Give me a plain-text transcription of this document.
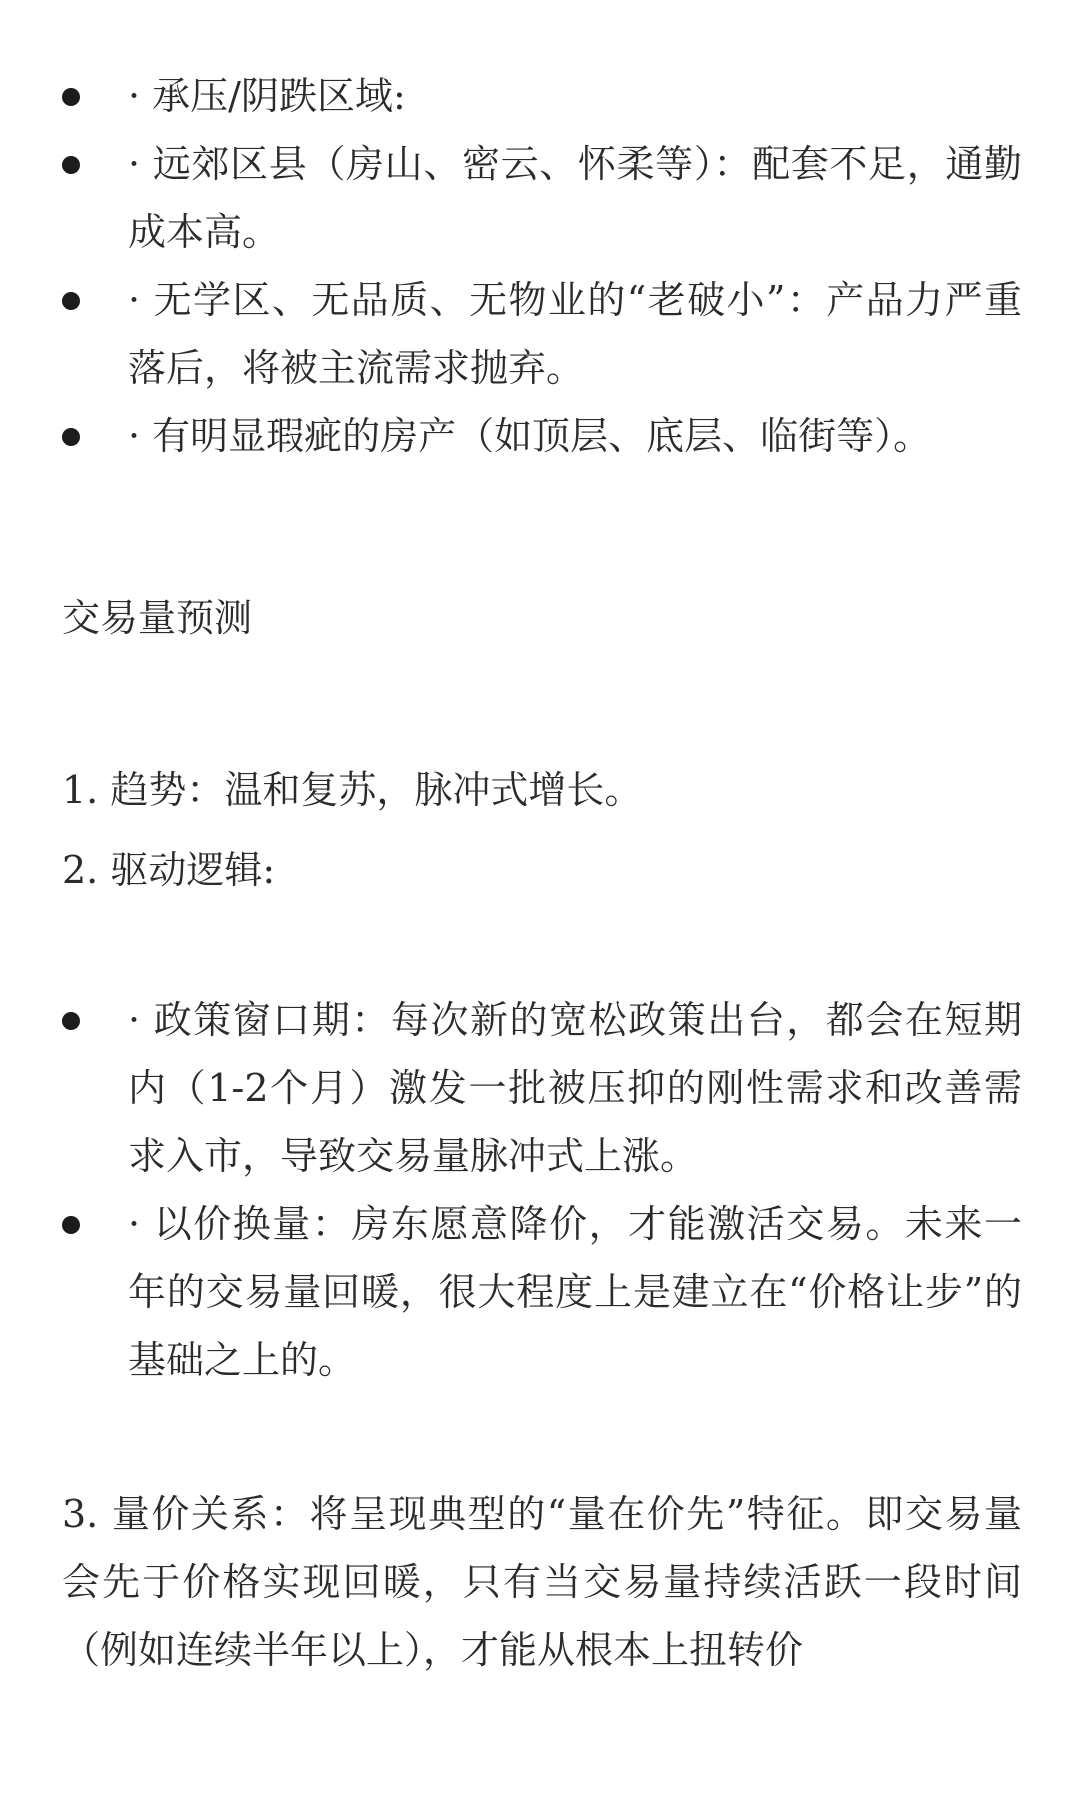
· 承压/阴跌区域:
· 远郊区县（房山、密云、怀柔等）：配套不足，通勤成本高。
· 无学区、无品质、无物业的“老破小”：产品力严重落后，将被主流需求抛弃。
· 有明显瑕疵的房产（如顶层、底层、临街等）。

交易量预测

1. 趋势：温和复苏，脉冲式增长。

2. 驱动逻辑:

· 政策窗口期：每次新的宽松政策出台，都会在短期内（1-2个月）激发一批被压抑的刚性需求和改善需求入市，导致交易量脉冲式上涨。
· 以价换量：房东愿意降价，才能激活交易。未来一年的交易量回暖，很大程度上是建立在“价格让步”的基础之上的。

3. 量价关系：将呈现典型的“量在价先”特征。即交易量会先于价格实现回暖，只有当交易量持续活跃一段时间（例如连续半年以上），才能从根本上扭转价
